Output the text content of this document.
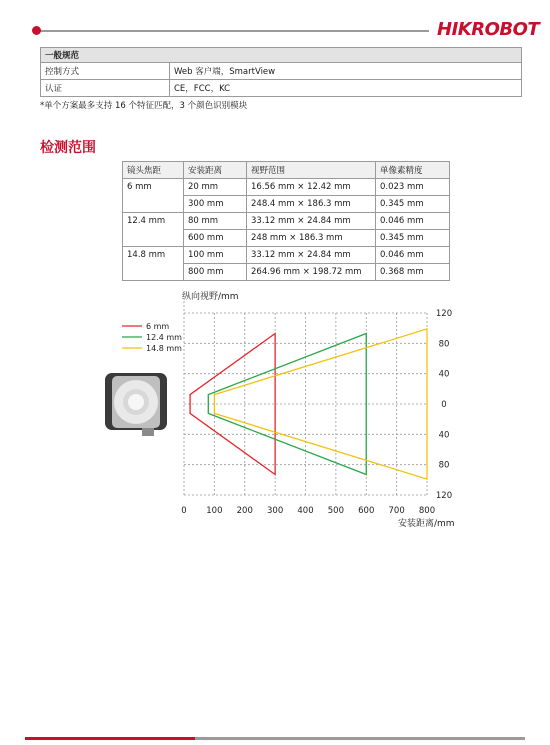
HIKROBOT
一般规范	
控制方式	Web 客户端，SmartView
认证	CE，FCC，KC
*单个方案最多支持 16 个特征匹配，3 个颜色识别模块
检测范围
镜头焦距	安装距离	视野范围	单像素精度
6 mm	20 mm	16.56 mm × 12.42 mm	0.023 mm
	300 mm	248.4 mm × 186.3 mm	0.345 mm
12.4 mm	80 mm	33.12 mm × 24.84 mm	0.046 mm
	600 mm	248 mm × 186.3 mm	0.345 mm
14.8 mm	100 mm	33.12 mm × 24.84 mm	0.046 mm
	800 mm	264.96 mm × 198.72 mm	0.368 mm
6 mm
12.4 mm
14.8 mm
0 100 200 300 400 500 600 700 800
120
80
40
0
40
80
120
纵向视野/mm
安装距离/mm
